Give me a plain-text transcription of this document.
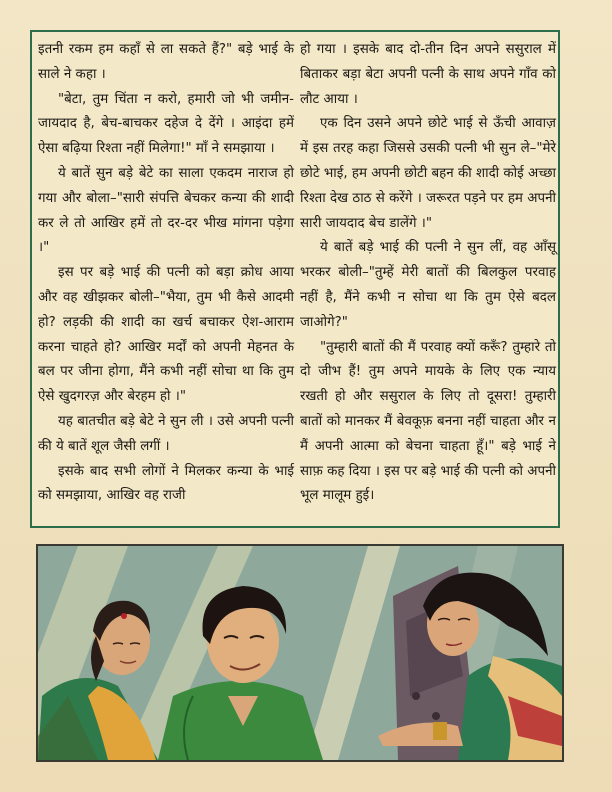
इतनी रकम हम कहाँ से ला सकते हैं?" बड़े भाई के साले ने कहा ।

"बेटा, तुम चिंता न करो, हमारी जो भी जमीन-जायदाद है, बेच-बाचकर दहेज दे देंगे । आइंदा हमें ऐसा बढ़िया रिश्ता नहीं मिलेगा!" माँ ने समझाया ।

ये बातें सुन बड़े बेटे का साला एकदम नाराज हो गया और बोला–"सारी संपत्ति बेचकर कन्या की शादी कर ले तो आखिर हमें तो दर-दर भीख मांगना पड़ेगा ।"

इस पर बड़े भाई की पत्नी को बड़ा क्रोध आया और वह खीझकर बोली–"भैया, तुम भी कैसे आदमी हो? लड़की की शादी का खर्च बचाकर ऐश-आराम करना चाहते हो? आखिर मर्दों को अपनी मेहनत के बल पर जीना होगा, मैंने कभी नहीं सोचा था कि तुम ऐसे खुदगरज़ और बेरहम हो ।"

यह बातचीत बड़े बेटे ने सुन ली । उसे अपनी पत्नी की ये बातें शूल जैसी लगीं ।

इसके बाद सभी लोगों ने मिलकर कन्या के भाई को समझाया, आखिर वह राजी

हो गया । इसके बाद दो-तीन दिन अपने ससुराल में बिताकर बड़ा बेटा अपनी पत्नी के साथ अपने गाँव को लौट आया ।

एक दिन उसने अपने छोटे भाई से ऊँची आवाज़ में इस तरह कहा जिससे उसकी पत्नी भी सुन ले–"मेरे छोटे भाई, हम अपनी छोटी बहन की शादी कोई अच्छा रिश्ता देख ठाठ से करेंगे । जरूरत पड़ने पर हम अपनी सारी जायदाद बेच डालेंगे ।"

ये बातें बड़े भाई की पत्नी ने सुन लीं, वह आँसू भरकर बोली–"तुम्हें मेरी बातों की बिलकुल परवाह नहीं है, मैंने कभी न सोचा था कि तुम ऐसे बदल जाओगे?"

"तुम्हारी बातों की मैं परवाह क्यों करूँ? तुम्हारे तो दो जीभ हैं! तुम अपने मायके के लिए एक न्याय रखती हो और ससुराल के लिए तो दूसरा! तुम्हारी बातों को मानकर मैं बेवकूफ़ बनना नहीं चाहता और न मैं अपनी आत्मा को बेचना चाहता हूँ।" बड़े भाई ने साफ़ कह दिया । इस पर बड़े भाई की पत्नी को अपनी भूल मालूम हुई।
